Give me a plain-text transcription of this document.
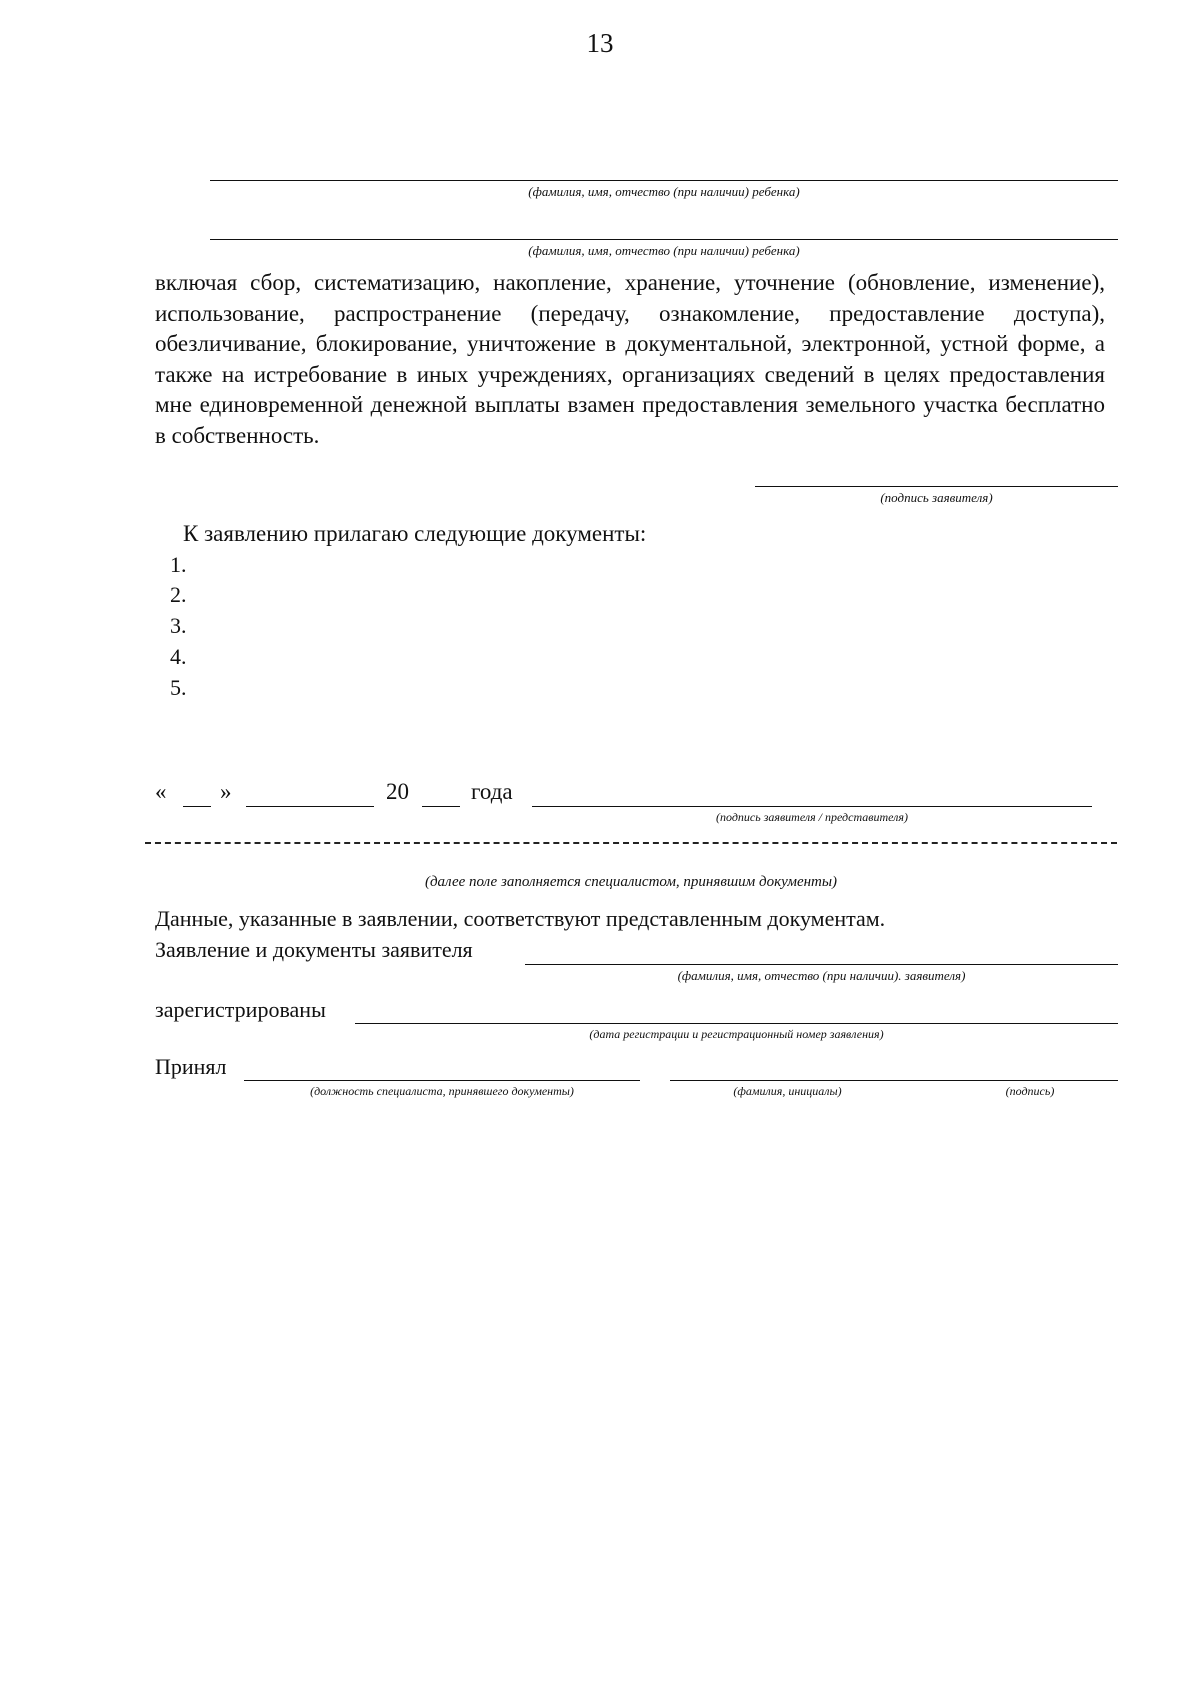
13
(фамилия, имя, отчество (при наличии) ребенка)
(фамилия, имя, отчество (при наличии) ребенка)
включая сбор, систематизацию, накопление, хранение, уточнение (обновление, изменение), использование, распространение (передачу, ознакомление, предоставление доступа), обезличивание, блокирование, уничтожение в документальной, электронной, устной форме, а также на истребование в иных учреждениях, организациях сведений в целях предоставления мне единовременной денежной выплаты взамен предоставления земельного участка бесплатно в собственность.
(подпись заявителя)
К заявлению прилагаю следующие документы:
1.
2.
3.
4.
5.
« »	20	года
(подпись заявителя / представителя)
(далее поле заполняется специалистом, принявшим документы)
Данные, указанные в заявлении, соответствуют представленным документам.
Заявление и документы заявителя
(фамилия, имя, отчество (при наличии). заявителя)
зарегистрированы
(дата регистрации и регистрационный номер заявления)
Принял
(должность специалиста, принявшего документы)	(фамилия, инициалы)	(подпись)
